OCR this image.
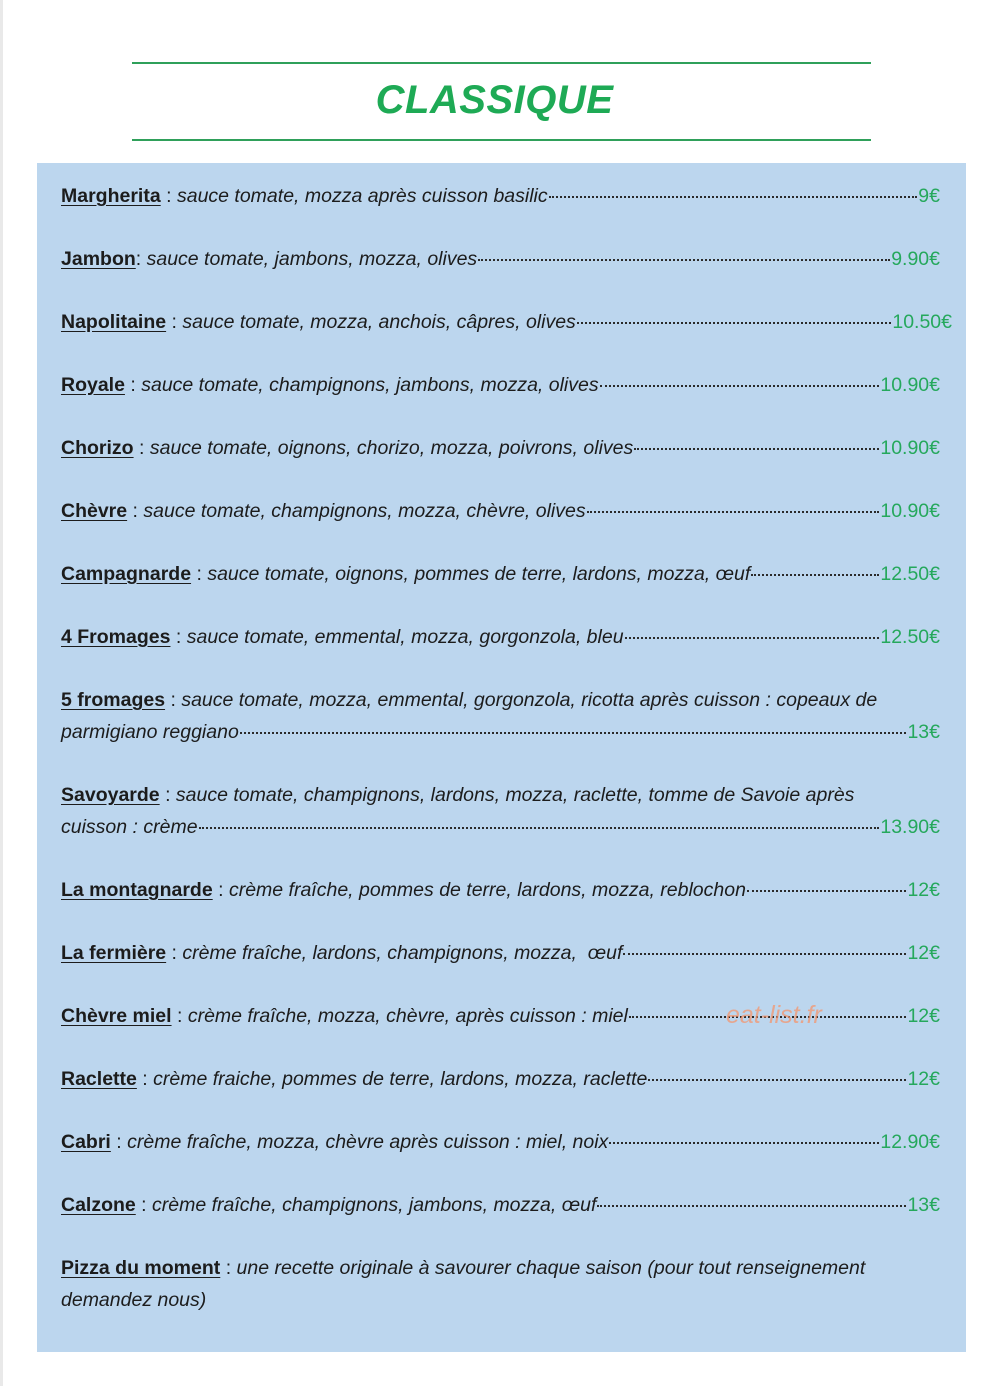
CLASSIQUE
Margherita : sauce tomate, mozza après cuisson basilic	9€
Jambon : sauce tomate, jambons, mozza, olives	9.90€
Napolitaine : sauce tomate, mozza, anchois, câpres, olives	10.50€
Royale : sauce tomate, champignons, jambons, mozza, olives	10.90€
Chorizo : sauce tomate, oignons, chorizo, mozza, poivrons, olives	10.90€
Chèvre : sauce tomate, champignons, mozza, chèvre, olives	10.90€
Campagnarde : sauce tomate, oignons, pommes de terre, lardons, mozza, œuf	12.50€
4 Fromages : sauce tomate, emmental, mozza, gorgonzola, bleu	12.50€
5 fromages : sauce tomate, mozza, emmental, gorgonzola, ricotta après cuisson : copeaux de
parmigiano reggiano	13€
Savoyarde : sauce tomate, champignons, lardons, mozza, raclette, tomme de Savoie après
cuisson : crème	13.90€
La montagnarde : crème fraîche, pommes de terre, lardons, mozza, reblochon	12€
La fermière : crème fraîche, lardons, champignons, mozza,  œuf	12€
Chèvre miel : crème fraîche, mozza, chèvre, après cuisson : miel	12€
Raclette : crème fraiche, pommes de terre, lardons, mozza, raclette	12€
Cabri : crème fraîche, mozza, chèvre après cuisson : miel, noix	12.90€
Calzone : crème fraîche, champignons, jambons, mozza, œuf	13€
Pizza du moment : une recette originale à savourer chaque saison (pour tout renseignement
demandez nous)
eat-list.fr
